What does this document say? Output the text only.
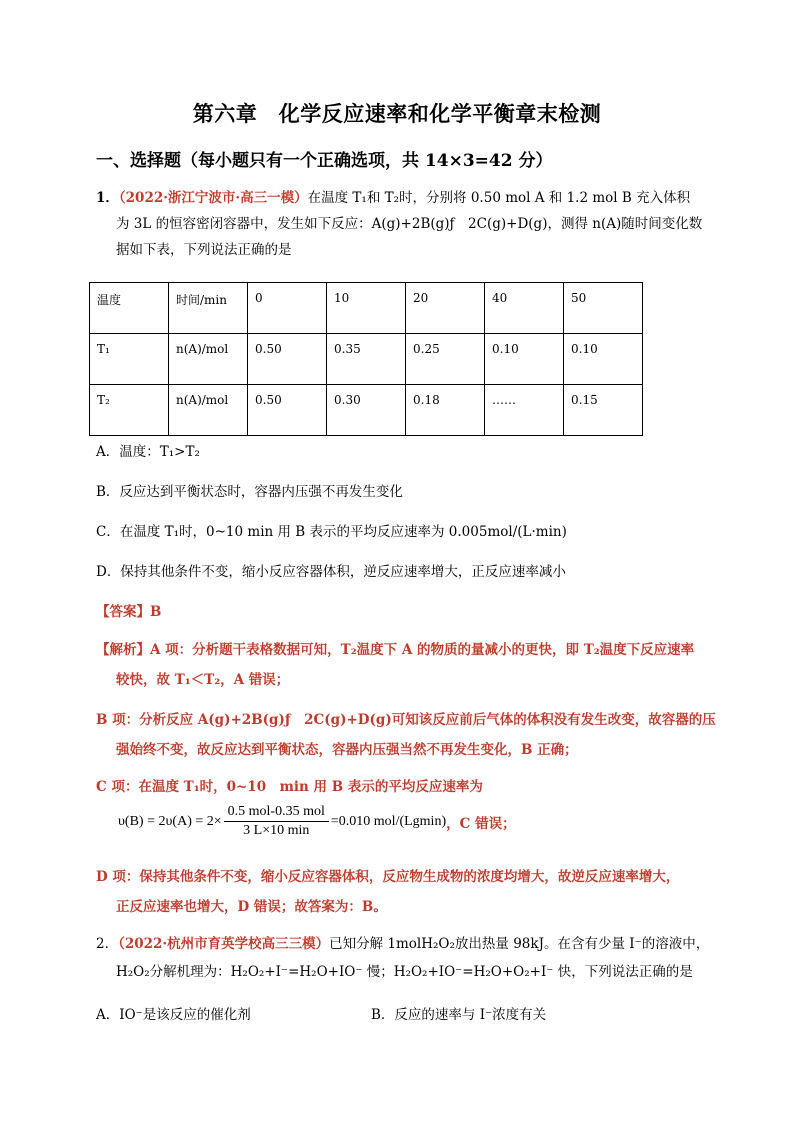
第六章　化学反应速率和化学平衡章末检测
一、选择题（每小题只有一个正确选项，共 14×3=42 分）
1．（2022·浙江宁波市·高三一模）在温度 T₁和 T₂时，分别将 0.50 mol A 和 1.2 mol B 充入体积
为 3L 的恒容密闭容器中，发生如下反应：A(g)+2B(g)ƒ　2C(g)+D(g)，测得 n(A)随时间变化数
据如下表，下列说法正确的是
温度	时间/min	0	10	20	40	50
T₁	n(A)/mol	0.50	0.35	0.25	0.10	0.10
T₂	n(A)/mol	0.50	0.30	0.18	……	0.15
A．温度：T₁>T₂
B．反应达到平衡状态时，容器内压强不再发生变化
C．在温度 T₁时，0~10 min 用 B 表示的平均反应速率为 0.005mol/(L·min)
D．保持其他条件不变，缩小反应容器体积，逆反应速率增大，正反应速率减小
【答案】B
【解析】A 项：分析题干表格数据可知，T₂温度下 A 的物质的量减小的更快，即 T₂温度下反应速率
较快，故 T₁＜T₂，A 错误；
B 项：分析反应 A(g)+2B(g)ƒ　2C(g)+D(g)可知该反应前后气体的体积没有发生改变，故容器的压
强始终不变，故反应达到平衡状态，容器内压强当然不再发生变化，B 正确；
C 项：在温度 T₁时，0~10　min 用 B 表示的平均反应速率为
$\upsilon(B) = 2\upsilon(A) = 2\times \frac{\text{0.5 mol-0.35 mol}}{3 L\times 10 \min} =0.010$ mol/(Lgmin) ，C 错误；
D 项：保持其他条件不变，缩小反应容器体积，反应物生成物的浓度均增大，故逆反应速率增大，
正反应速率也增大，D 错误；故答案为：B。
2．（2022·杭州市育英学校高三三模）已知分解 1molH₂O₂放出热量 98kJ。在含有少量 I⁻的溶液中，
H₂O₂分解机理为：H₂O₂+I⁻=H₂O+IO⁻ 慢；H₂O₂+IO⁻=H₂O+O₂+I⁻ 快，下列说法正确的是
A．IO⁻是该反应的催化剂	B．反应的速率与 I⁻浓度有关
